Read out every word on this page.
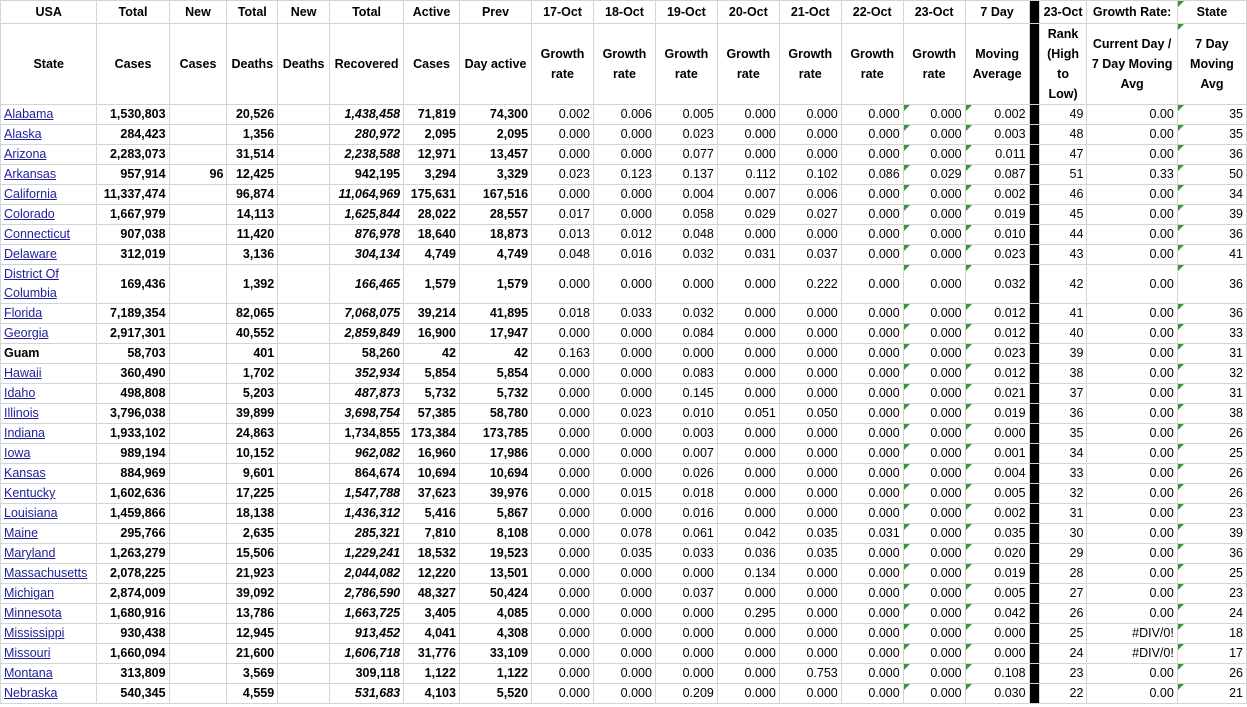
USA	Total	New	Total	New	Total	Active	Prev	17-Oct	18-Oct	19-Oct	20-Oct	21-Oct	22-Oct	23-Oct	7 Day		23-Oct	Growth Rate:	State
State	Cases	Cases	Deaths	Deaths	Recovered	Cases	Day active	Growth rate	Growth rate	Growth rate	Growth rate	Growth rate	Growth rate	Growth rate	Moving Average		Rank (High to Low)	Current Day / 7 Day Moving Avg	7 Day Moving Avg
Alabama	1,530,803		20,526		1,438,458	71,819	74,300	0.002	0.006	0.005	0.000	0.000	0.000	0.000	0.002		49	0.00	35
Alaska	284,423		1,356		280,972	2,095	2,095	0.000	0.000	0.023	0.000	0.000	0.000	0.000	0.003		48	0.00	35
Arizona	2,283,073		31,514		2,238,588	12,971	13,457	0.000	0.000	0.077	0.000	0.000	0.000	0.000	0.011		47	0.00	36
Arkansas	957,914	96	12,425		942,195	3,294	3,329	0.023	0.123	0.137	0.112	0.102	0.086	0.029	0.087		51	0.33	50
California	11,337,474		96,874		11,064,969	175,631	167,516	0.000	0.000	0.004	0.007	0.006	0.000	0.000	0.002		46	0.00	34
Colorado	1,667,979		14,113		1,625,844	28,022	28,557	0.017	0.000	0.058	0.029	0.027	0.000	0.000	0.019		45	0.00	39
Connecticut	907,038		11,420		876,978	18,640	18,873	0.013	0.012	0.048	0.000	0.000	0.000	0.000	0.010		44	0.00	36
Delaware	312,019		3,136		304,134	4,749	4,749	0.048	0.016	0.032	0.031	0.037	0.000	0.000	0.023		43	0.00	41
District Of Columbia	169,436		1,392		166,465	1,579	1,579	0.000	0.000	0.000	0.000	0.222	0.000	0.000	0.032		42	0.00	36
Florida	7,189,354		82,065		7,068,075	39,214	41,895	0.018	0.033	0.032	0.000	0.000	0.000	0.000	0.012		41	0.00	36
Georgia	2,917,301		40,552		2,859,849	16,900	17,947	0.000	0.000	0.084	0.000	0.000	0.000	0.000	0.012		40	0.00	33
Guam	58,703		401		58,260	42	42	0.163	0.000	0.000	0.000	0.000	0.000	0.000	0.023		39	0.00	31
Hawaii	360,490		1,702		352,934	5,854	5,854	0.000	0.000	0.083	0.000	0.000	0.000	0.000	0.012		38	0.00	32
Idaho	498,808		5,203		487,873	5,732	5,732	0.000	0.000	0.145	0.000	0.000	0.000	0.000	0.021		37	0.00	31
Illinois	3,796,038		39,899		3,698,754	57,385	58,780	0.000	0.023	0.010	0.051	0.050	0.000	0.000	0.019		36	0.00	38
Indiana	1,933,102		24,863		1,734,855	173,384	173,785	0.000	0.000	0.003	0.000	0.000	0.000	0.000	0.000		35	0.00	26
Iowa	989,194		10,152		962,082	16,960	17,986	0.000	0.000	0.007	0.000	0.000	0.000	0.000	0.001		34	0.00	25
Kansas	884,969		9,601		864,674	10,694	10,694	0.000	0.000	0.026	0.000	0.000	0.000	0.000	0.004		33	0.00	26
Kentucky	1,602,636		17,225		1,547,788	37,623	39,976	0.000	0.015	0.018	0.000	0.000	0.000	0.000	0.005		32	0.00	26
Louisiana	1,459,866		18,138		1,436,312	5,416	5,867	0.000	0.000	0.016	0.000	0.000	0.000	0.000	0.002		31	0.00	23
Maine	295,766		2,635		285,321	7,810	8,108	0.000	0.078	0.061	0.042	0.035	0.031	0.000	0.035		30	0.00	39
Maryland	1,263,279		15,506		1,229,241	18,532	19,523	0.000	0.035	0.033	0.036	0.035	0.000	0.000	0.020		29	0.00	36
Massachusetts	2,078,225		21,923		2,044,082	12,220	13,501	0.000	0.000	0.000	0.134	0.000	0.000	0.000	0.019		28	0.00	25
Michigan	2,874,009		39,092		2,786,590	48,327	50,424	0.000	0.000	0.037	0.000	0.000	0.000	0.000	0.005		27	0.00	23
Minnesota	1,680,916		13,786		1,663,725	3,405	4,085	0.000	0.000	0.000	0.295	0.000	0.000	0.000	0.042		26	0.00	24
Mississippi	930,438		12,945		913,452	4,041	4,308	0.000	0.000	0.000	0.000	0.000	0.000	0.000	0.000		25	#DIV/0!	18
Missouri	1,660,094		21,600		1,606,718	31,776	33,109	0.000	0.000	0.000	0.000	0.000	0.000	0.000	0.000		24	#DIV/0!	17
Montana	313,809		3,569		309,118	1,122	1,122	0.000	0.000	0.000	0.000	0.753	0.000	0.000	0.108		23	0.00	26
Nebraska	540,345		4,559		531,683	4,103	5,520	0.000	0.000	0.209	0.000	0.000	0.000	0.000	0.030		22	0.00	21
